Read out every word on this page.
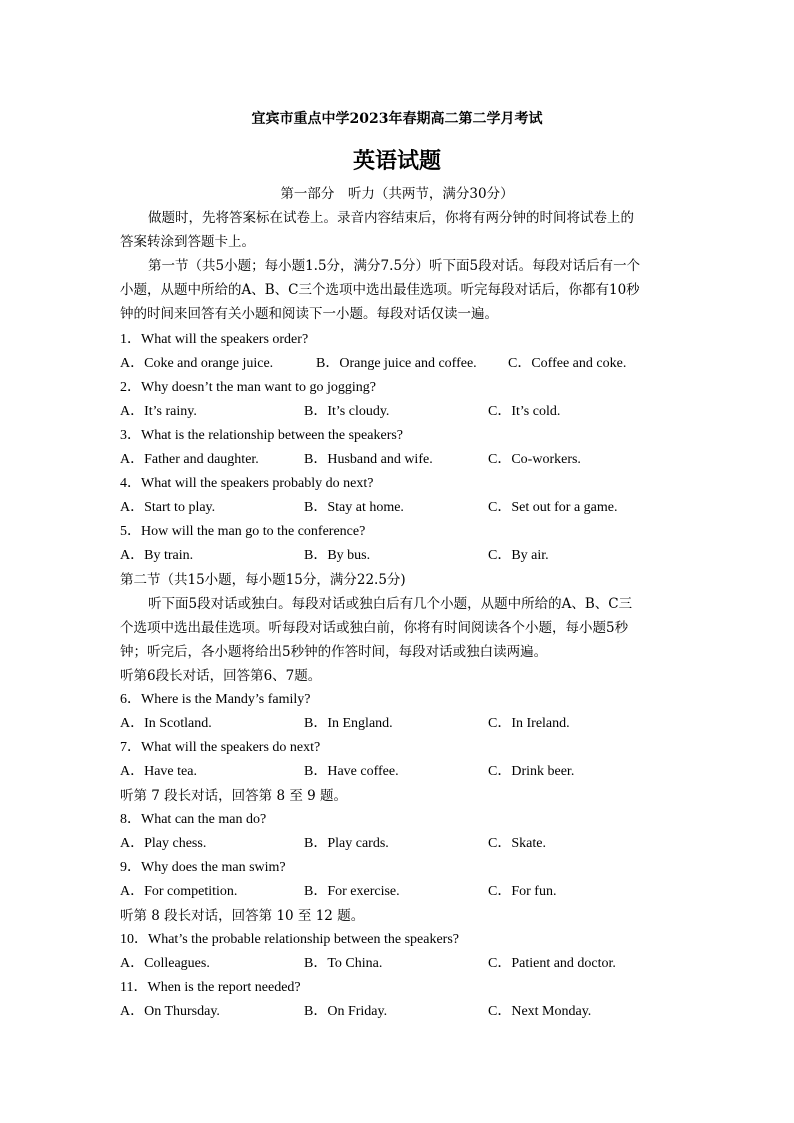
宜宾市重点中学2023年春期高二第二学月考试
英语试题
第一部分　听力（共两节，满分30分）
做题时，先将答案标在试卷上。录音内容结束后，你将有两分钟的时间将试卷上的
答案转涂到答题卡上。
第一节（共5小题；每小题1.5分，满分7.5分）听下面5段对话。每段对话后有一个
小题，从题中所给的A、B、C三个选项中选出最佳选项。听完每段对话后，你都有10秒
钟的时间来回答有关小题和阅读下一小题。每段对话仅读一遍。
1．What will the speakers order?
A．Coke and orange juice.	B．Orange juice and coffee. C．Coffee and coke.
2．Why doesn’t the man want to go jogging?
A．It’s rainy.	B．It’s cloudy.	C．It’s cold.
3．What is the relationship between the speakers?
A．Father and daughter.	B．Husband and wife.	C．Co-workers.
4．What will the speakers probably do next?
A．Start to play.	B．Stay at home.	C．Set out for a game.
5．How will the man go to the conference?
A．By train.	B．By bus.	C．By air.
第二节（共15小题，每小题15分，满分22.5分)
听下面5段对话或独白。每段对话或独白后有几个小题，从题中所给的A、B、C三
个选项中选出最佳选项。听每段对话或独白前，你将有时间阅读各个小题，每小题5秒
钟；听完后，各小题将给出5秒钟的作答时间，每段对话或独白读两遍。
听第6段长对话，回答第6、7题。
6．Where is the Mandy’s family?
A．In Scotland.	B．In England.	C．In Ireland.
7．What will the speakers do next?
A．Have tea.	B．Have coffee.	C．Drink beer.
听第 7 段长对话，回答第 8 至 9 题。
8．What can the man do?
A．Play chess.	B．Play cards.	C．Skate.
9．Why does the man swim?
A．For competition.	B．For exercise.	C．For fun.
听第 8 段长对话，回答第 10 至 12 题。
10．What’s the probable relationship between the speakers?
A．Colleagues.	B．To China.	C．Patient and doctor.
11．When is the report needed?
A．On Thursday.	B．On Friday.	C．Next Monday.
